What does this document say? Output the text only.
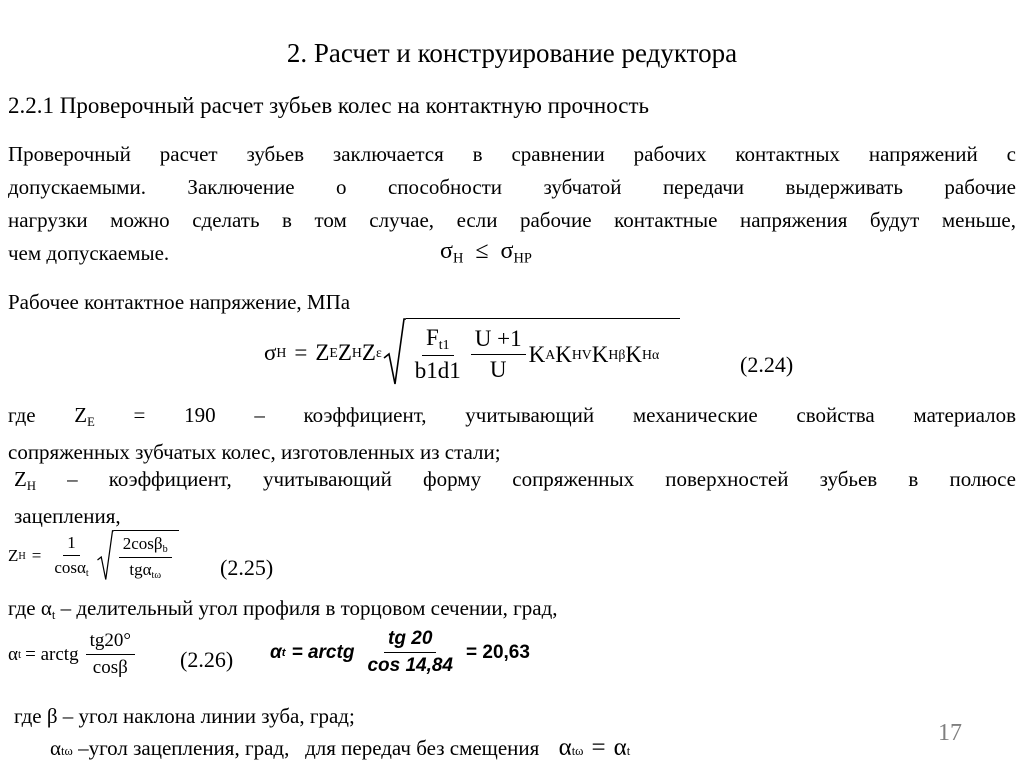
2. Расчет и конструирование редуктора
2.2.1 Проверочный расчет зубьев колес на контактную прочность
Проверочный расчет зубьев заключается в сравнении рабочих контактных напряжений с
допускаемыми. Заключение о способности зубчатой передачи выдерживать рабочие
нагрузки можно сделать в том случае, если рабочие контактные напряжения будут меньше,
чем допускаемые.	$\sigma_H \le \sigma_{HP}$
Рабочее контактное напряжение, МПа
σ H = Z E Z H Z ε $\frac{F_{t1}}{b1d1} \frac{U +1}{U}$ K A K HV K Hβ K Hα	(2.24)
где $Z_E = 190$ – коэффициент, учитывающий механические свойства материалов
сопряженных зубчатых колес, изготовленных из стали;
$Z_H$ – коэффициент, учитывающий форму сопряженных поверхностей зубьев в полюсе
зацепления,
Z $H = \frac{1}{\cos\alpha_t} \frac{2\cos\beta_b}{tg\alpha_{t\omega}} (2.25)$
где $\alpha_t$ – делительный угол профиля в торцовом сечении, град,
α t = arctg $\frac{tg20^\circ}{\cos\beta} (2.26)$ α t = arctg $\frac{tg 20}{\cos 14,84} = 20,63$
где β – угол наклона линии зуба, град;
α tω –угол зацепления, град,   для передач без смещения α tω = α t
17
